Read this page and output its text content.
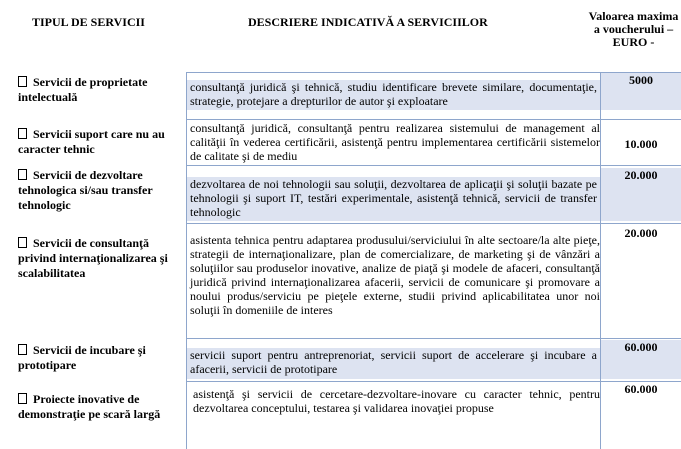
TIPUL DE SERVICII	DESCRIERE INDICATIVĂ A SERVICIILOR	Valoarea maxima a voucherului – EURO -
Servicii de proprietate intelectuală
consultanţă juridică şi tehnică, studiu identificare brevete similare, documentaţie, strategie, protejare a drepturilor de autor şi exploatare
5000
Servicii suport care nu au caracter tehnic
consultanţă juridică, consultanţă pentru realizarea sistemului de management al calităţii în vederea certificării, asistenţă pentru implementarea certificării sistemelor de calitate şi de mediu
10.000
Servicii de dezvoltare tehnologica si/sau transfer tehnologic
dezvoltarea de noi tehnologii sau soluţii, dezvoltarea de aplicaţii şi soluţii bazate pe tehnologii şi suport IT, testări experimentale, asistenţă tehnică, servicii de transfer tehnologic
20.000
Servicii de consultanţă privind internaţionalizarea şi scalabilitatea
asistenta tehnica pentru adaptarea produsului/serviciului în alte sectoare/la alte pieţe, strategii de internaţionalizare, plan de comercializare, de marketing şi de vânzări a soluţiilor sau produselor inovative, analize de piaţă şi modele de afaceri, consultanţă juridică privind internaţionalizarea afacerii, servicii de comunicare şi promovare a noului produs/serviciu pe pieţele externe, studii privind aplicabilitatea unor noi soluţii în domeniile de interes
20.000
Servicii de incubare şi prototipare
servicii suport pentru antreprenoriat, servicii suport de accelerare şi incubare a afacerii, servicii de prototipare
60.000
Proiecte inovative de demonstraţie pe scară largă
asistenţă şi servicii de cercetare-dezvoltare-inovare cu caracter tehnic, pentru dezvoltarea conceptului, testarea şi validarea inovaţiei propuse
60.000
